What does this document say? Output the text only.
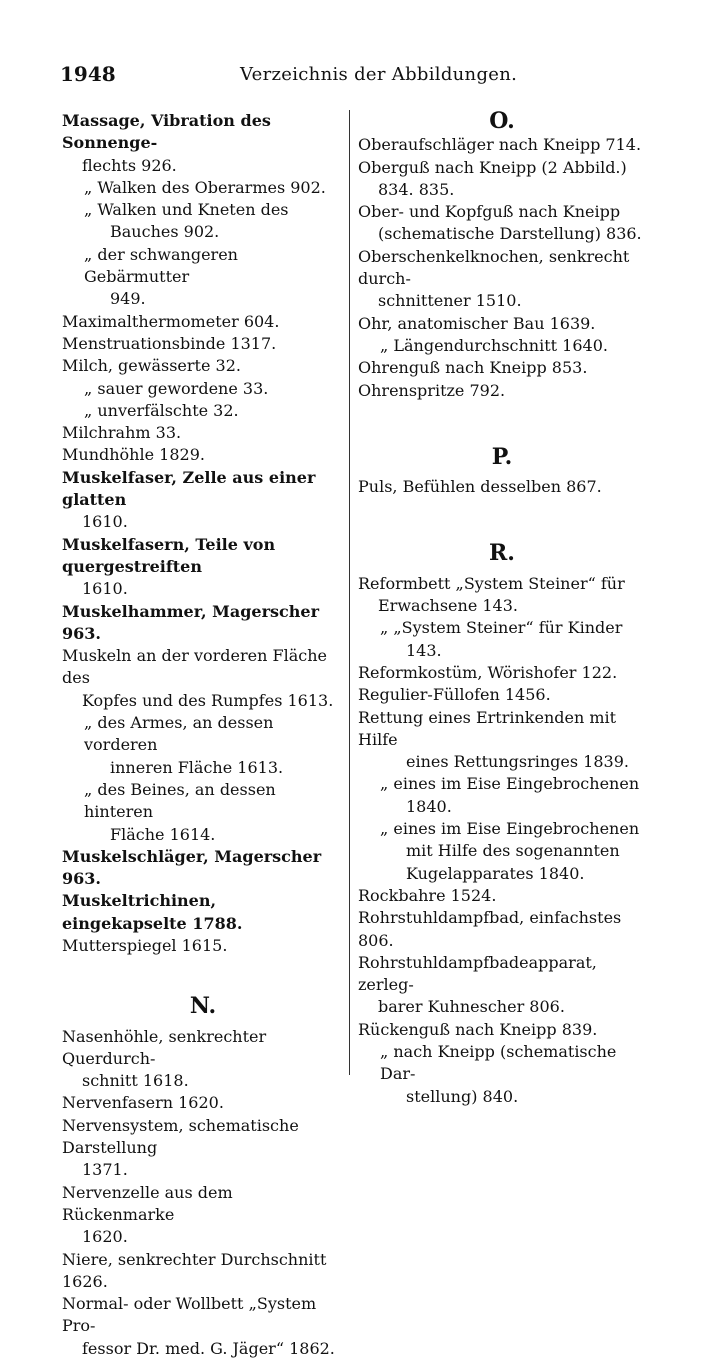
1948	Verzeichnis der Abbildungen.
Massage, Vibration des Sonnenge-
flechts 926.
„ Walken des Oberarmes 902.
„ Walken und Kneten des
Bauches 902.
„ der schwangeren Gebärmutter
949.
Maximalthermometer 604.
Menstruationsbinde 1317.
Milch, gewässerte 32.
„ sauer gewordene 33.
„ unverfälschte 32.
Milchrahm 33.
Mundhöhle 1829.
Muskelfaser, Zelle aus einer glatten
1610.
Muskelfasern, Teile von quergestreiften
1610.
Muskelhammer, Magerscher 963.
Muskeln an der vorderen Fläche des
Kopfes und des Rumpfes 1613.
„ des Armes, an dessen vorderen
inneren Fläche 1613.
„ des Beines, an dessen hinteren
Fläche 1614.
Muskelschläger, Magerscher 963.
Muskeltrichinen, eingekapselte 1788.
Mutterspiegel 1615.
N.
Nasenhöhle, senkrechter Querdurch-
schnitt 1618.
Nervenfasern 1620.
Nervensystem, schematische Darstellung
1371.
Nervenzelle aus dem Rückenmarke
1620.
Niere, senkrechter Durchschnitt 1626.
Normal- oder Wollbett „System Pro-
fessor Dr. med. G. Jäger“ 1862.
O.
Oberaufschläger nach Kneipp 714.
Oberguß nach Kneipp (2 Abbild.)
834. 835.
Ober- und Kopfguß nach Kneipp
(schematische Darstellung) 836.
Oberschenkelknochen, senkrecht durch-
schnittener 1510.
Ohr, anatomischer Bau 1639.
„ Längendurchschnitt 1640.
Ohrenguß nach Kneipp 853.
Ohrenspritze 792.
P.
Puls, Befühlen desselben 867.
R.
Reformbett „System Steiner“ für
Erwachsene 143.
„ „System Steiner“ für Kinder
143.
Reformkostüm, Wörishofer 122.
Regulier-Füllofen 1456.
Rettung eines Ertrinkenden mit Hilfe
eines Rettungsringes 1839.
„ eines im Eise Eingebrochenen
1840.
„ eines im Eise Eingebrochenen
mit Hilfe des sogenannten
Kugelapparates 1840.
Rockbahre 1524.
Rohrstuhldampfbad, einfachstes 806.
Rohrstuhldampfbadeapparat, zerleg-
barer Kuhnescher 806.
Rückenguß nach Kneipp 839.
„ nach Kneipp (schematische Dar-
stellung) 840.
